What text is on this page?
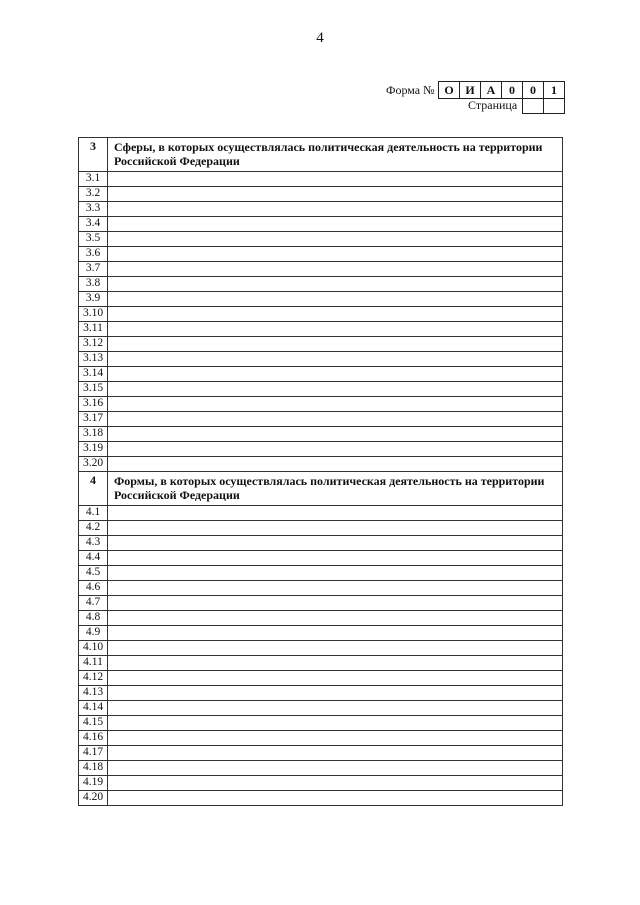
4
Форма № О И А	0	0	1
Страница
3	Сферы, в которых осуществлялась политическая деятельность на территории Российской Федерации
3.1	
3.2	
3.3	
3.4	
3.5	
3.6	
3.7	
3.8	
3.9	
3.10	
3.11	
3.12	
3.13	
3.14	
3.15	
3.16	
3.17	
3.18	
3.19	
3.20	
4	Формы, в которых осуществлялась политическая деятельность на территории Российской Федерации
4.1	
4.2	
4.3	
4.4	
4.5	
4.6	
4.7	
4.8	
4.9	
4.10	
4.11	
4.12	
4.13	
4.14	
4.15	
4.16	
4.17	
4.18	
4.19	
4.20	
